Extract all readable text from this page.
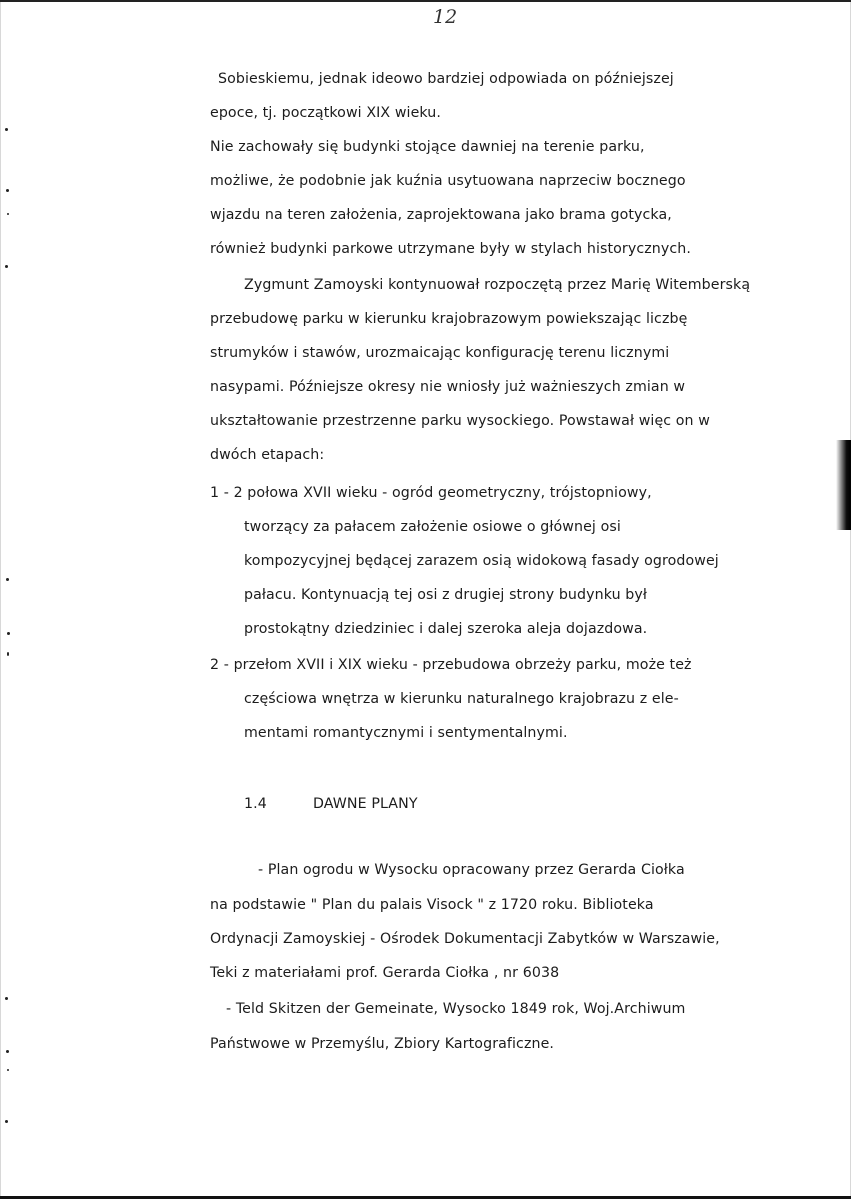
12
Sobieskiemu, jednak ideowo bardziej odpowiada on późniejszej
epoce, tj. początkowi XIX wieku.
Nie zachowały się budynki stojące dawniej na terenie parku,
możliwe, że podobnie jak kuźnia usytuowana naprzeciw bocznego
wjazdu na teren założenia, zaprojektowana jako brama gotycka,
również budynki parkowe utrzymane były w stylach historycznych.
Zygmunt Zamoyski kontynuował rozpoczętą przez Marię Witemberską
przebudowę parku w kierunku krajobrazowym powiekszając liczbę
strumyków i stawów, urozmaicając konfigurację terenu licznymi
nasypami. Późniejsze okresy nie wniosły już ważnieszych zmian w
ukształtowanie przestrzenne parku wysockiego. Powstawał więc on w
dwóch etapach:
1 - 2 połowa XVII wieku - ogród geometryczny, trójstopniowy,
tworzący za pałacem założenie osiowe o głównej osi
kompozycyjnej będącej zarazem osią widokową fasady ogrodowej
pałacu. Kontynuacją tej osi z drugiej strony budynku był
prostokątny dziedziniec i dalej szeroka aleja dojazdowa.
2 - przełom XVII i XIX wieku - przebudowa obrzeży parku, może też
częściowa wnętrza w kierunku naturalnego krajobrazu z ele-
mentami romantycznymi i sentymentalnymi.
1.4	DAWNE PLANY
- Plan ogrodu w Wysocku opracowany przez Gerarda Ciołka
na podstawie " Plan du palais Visock " z 1720 roku. Biblioteka
Ordynacji Zamoyskiej - Ośrodek Dokumentacji Zabytków w Warszawie,
Teki z materiałami prof. Gerarda Ciołka , nr 6038
- Teld Skitzen der Gemeinate, Wysocko 1849 rok, Woj.Archiwum
Państwowe w Przemyślu, Zbiory Kartograficzne.
